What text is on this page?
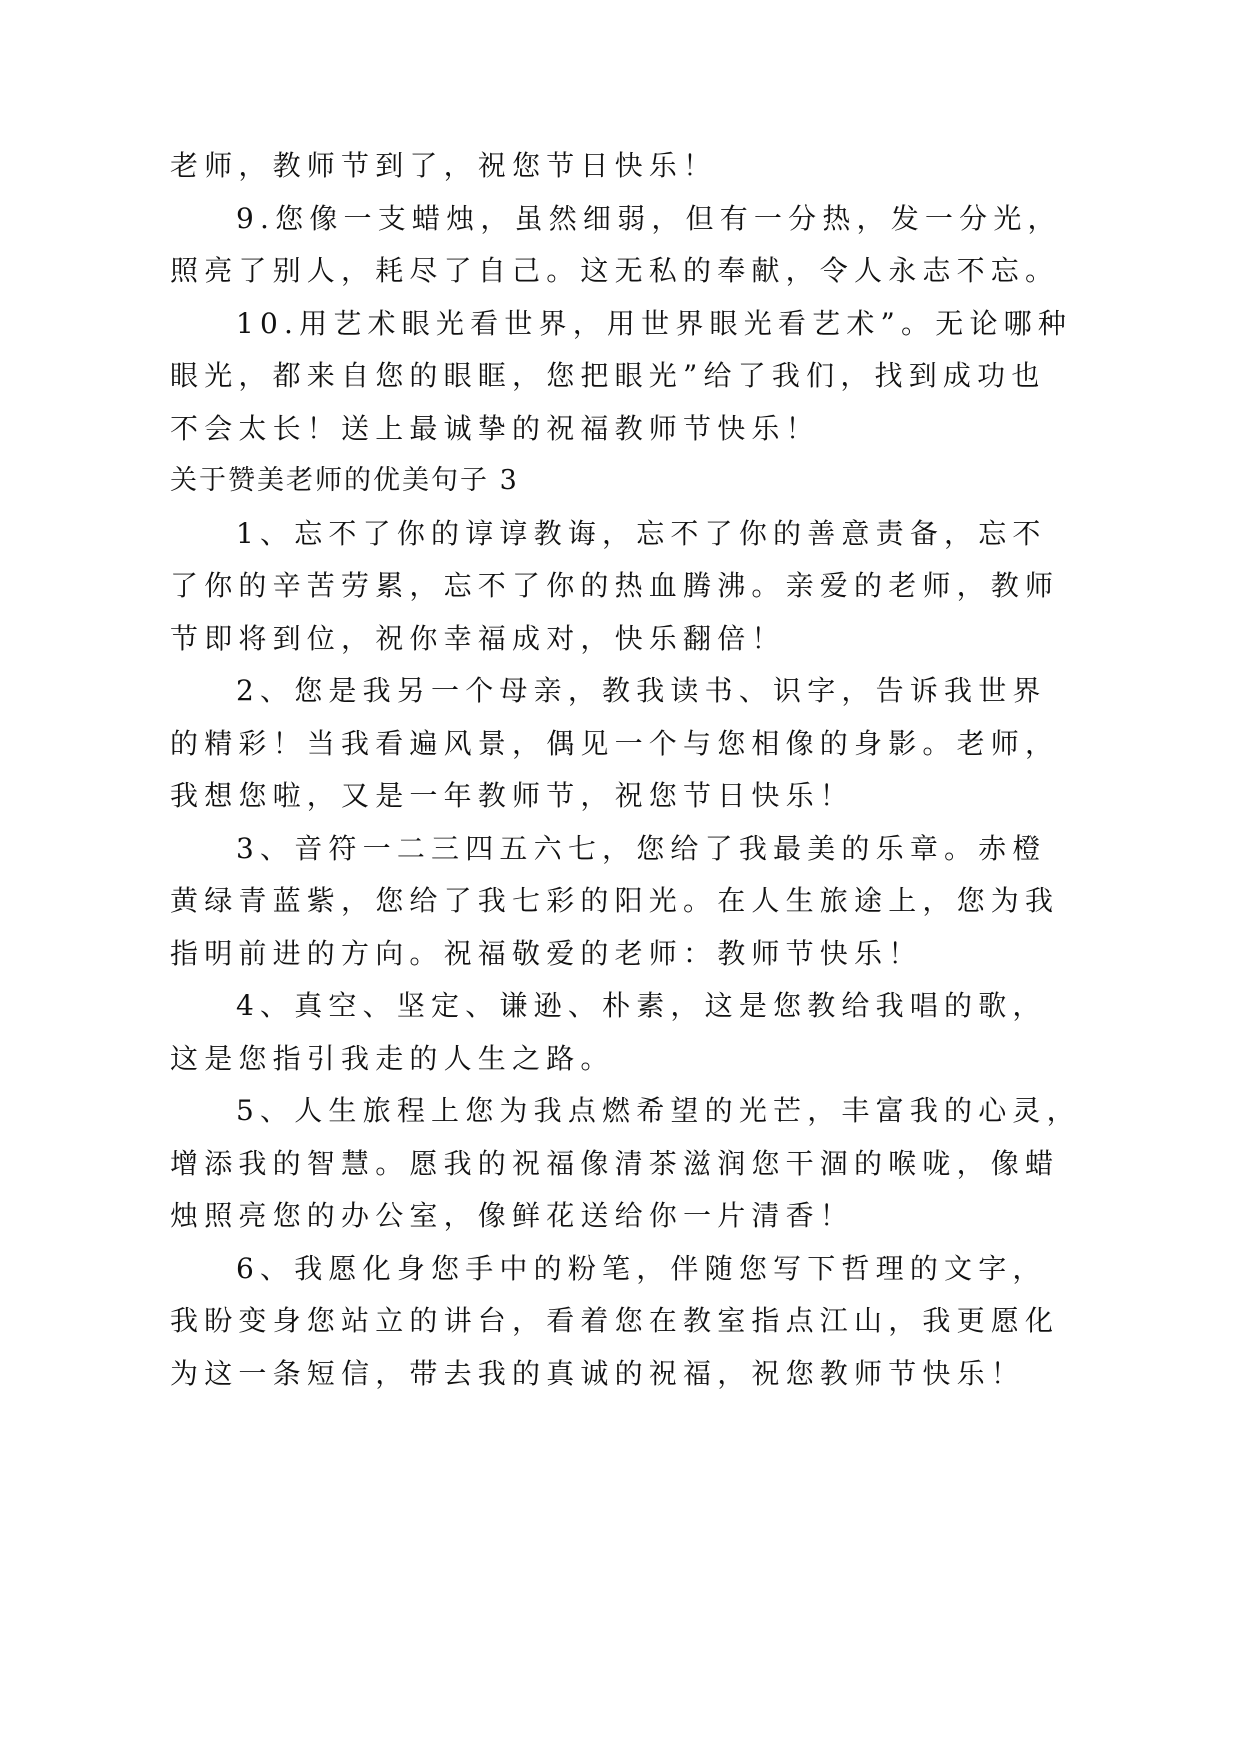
老师，教师节到了，祝您节日快乐！
9.您像一支蜡烛，虽然细弱，但有一分热，发一分光，
照亮了别人，耗尽了自己。这无私的奉献，令人永志不忘。
10.用艺术眼光看世界，用世界眼光看艺术”。无论哪种
眼光，都来自您的眼眶，您把眼光”给了我们，找到成功也
不会太长！送上最诚挚的祝福教师节快乐！
关于赞美老师的优美句子 3
1、忘不了你的谆谆教诲，忘不了你的善意责备，忘不
了你的辛苦劳累，忘不了你的热血腾沸。亲爱的老师，教师
节即将到位，祝你幸福成对，快乐翻倍！
2、您是我另一个母亲，教我读书、识字，告诉我世界
的精彩！当我看遍风景，偶见一个与您相像的身影。老师，
我想您啦，又是一年教师节，祝您节日快乐！
3、音符一二三四五六七，您给了我最美的乐章。赤橙
黄绿青蓝紫，您给了我七彩的阳光。在人生旅途上，您为我
指明前进的方向。祝福敬爱的老师：教师节快乐！
4、真空、坚定、谦逊、朴素，这是您教给我唱的歌，
这是您指引我走的人生之路。
5、人生旅程上您为我点燃希望的光芒，丰富我的心灵，
增添我的智慧。愿我的祝福像清茶滋润您干涸的喉咙，像蜡
烛照亮您的办公室，像鲜花送给你一片清香！
6、我愿化身您手中的粉笔，伴随您写下哲理的文字，
我盼变身您站立的讲台，看着您在教室指点江山，我更愿化
为这一条短信，带去我的真诚的祝福，祝您教师节快乐！
